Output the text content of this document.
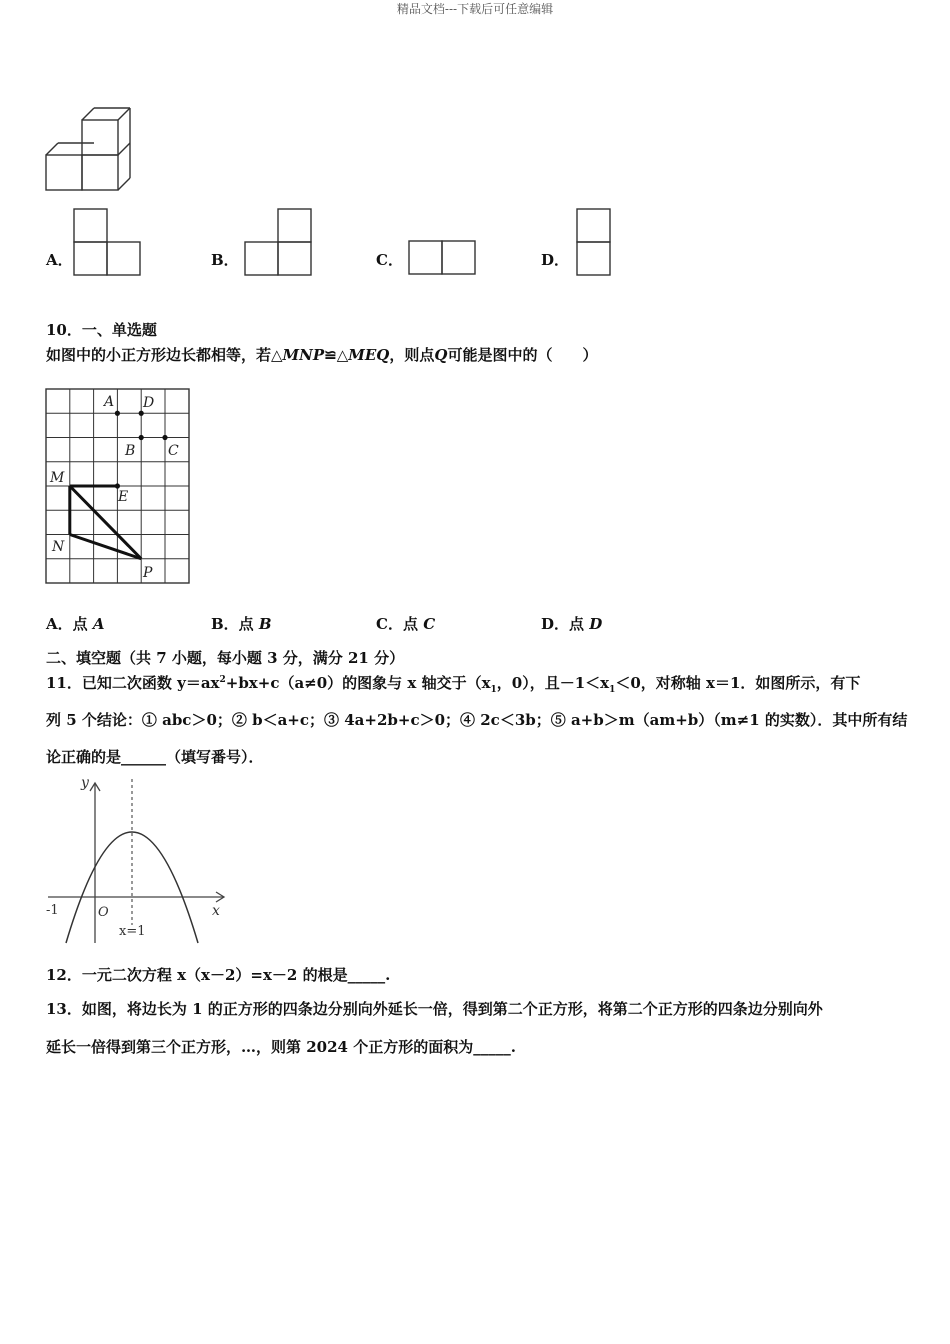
精品文档---下载后可任意编辑
A．	B．	C．	D．
10．一、单选题
如图中的小正方形边长都相等，若△MNP≌△MEQ，则点Q可能是图中的（　　）
A D
B C
M
E
N
P
A．点 A	B．点 B	C．点 C	D．点 D
二、填空题（共 7 小题，每小题 3 分，满分 21 分）
11．已知二次函数 $y=ax^2+bx+c(a\ne 0)$的图象与 x 轴交于（$x_1$，0），且$-1<x_1<0$，对称轴 x＝1．如图所示，有下
列 5 个结论：① abc＞0；② b＜a+c；③ 4a+2b+c＞0；④ 2c＜3b；⑤ a+b＞m（am+b）（m≠1 的实数）．其中所有结
论正确的是______（填写番号）．
y
x
O
-1
x=1
12．一元二次方程 x（x－2）=x－2 的根是_____.
13．如图，将边长为 1 的正方形的四条边分别向外延长一倍，得到第二个正方形，将第二个正方形的四条边分别向外
延长一倍得到第三个正方形，…，则第 2024 个正方形的面积为_____.
